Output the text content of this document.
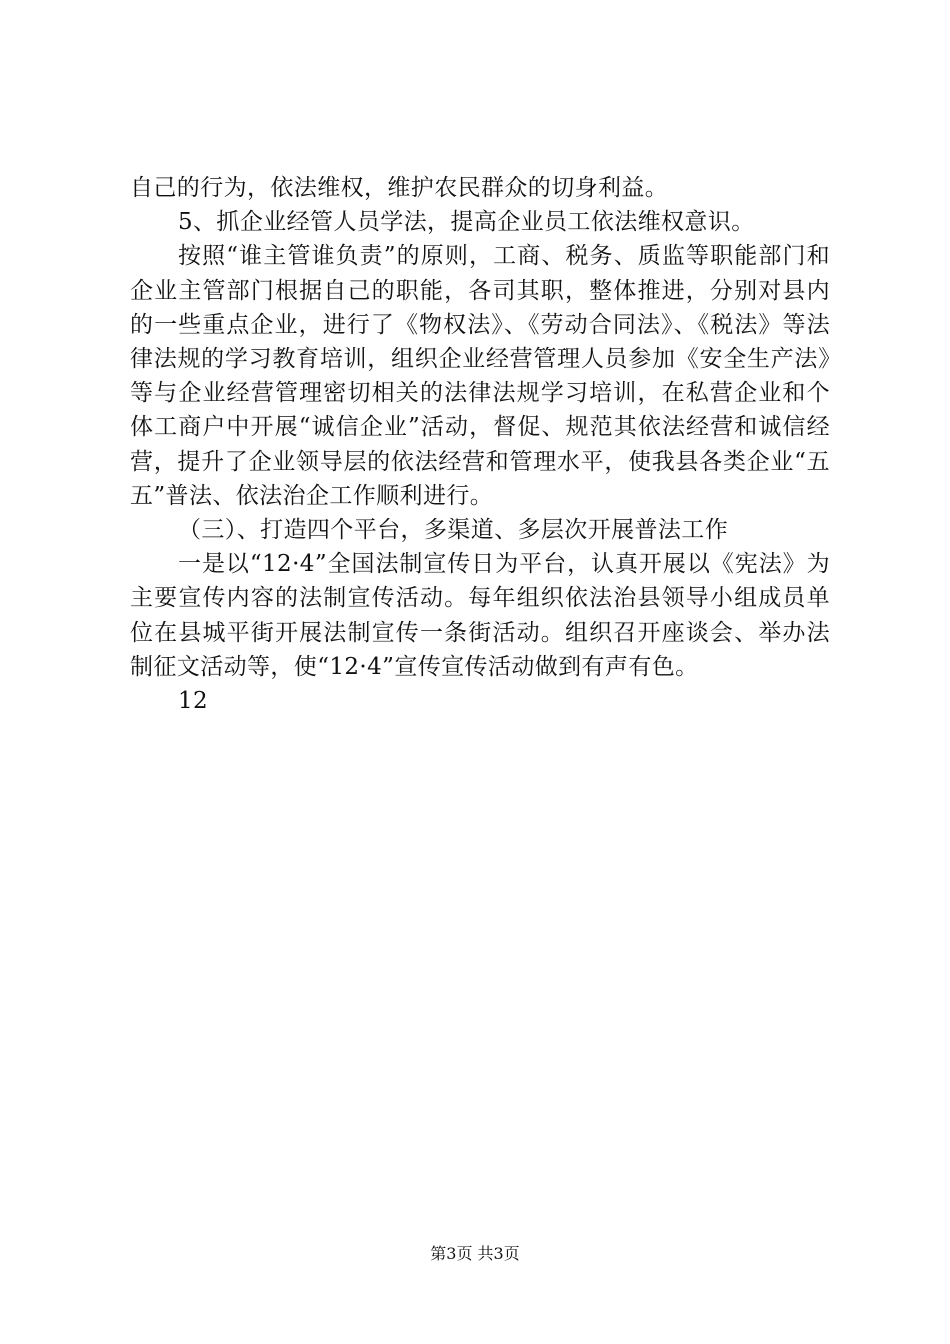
自己的行为，依法维权，维护农民群众的切身利益。

5、抓企业经管人员学法，提高企业员工依法维权意识。

按照“谁主管谁负责”的原则，工商、税务、质监等职能部门和企业主管部门根据自己的职能，各司其职，整体推进，分别对县内的一些重点企业，进行了《物权法》、《劳动合同法》、《税法》等法律法规的学习教育培训，组织企业经营管理人员参加《安全生产法》等与企业经营管理密切相关的法律法规学习培训，在私营企业和个体工商户中开展“诚信企业”活动，督促、规范其依法经营和诚信经营，提升了企业领导层的依法经营和管理水平，使我县各类企业“五五”普法、依法治企工作顺利进行。

（三）、打造四个平台，多渠道、多层次开展普法工作

一是以“12·4”全国法制宣传日为平台，认真开展以《宪法》为主要宣传内容的法制宣传活动。每年组织依法治县领导小组成员单位在县城平街开展法制宣传一条街活动。组织召开座谈会、举办法制征文活动等，使“12·4”宣传宣传活动做到有声有色。

12

第3页 共3页
